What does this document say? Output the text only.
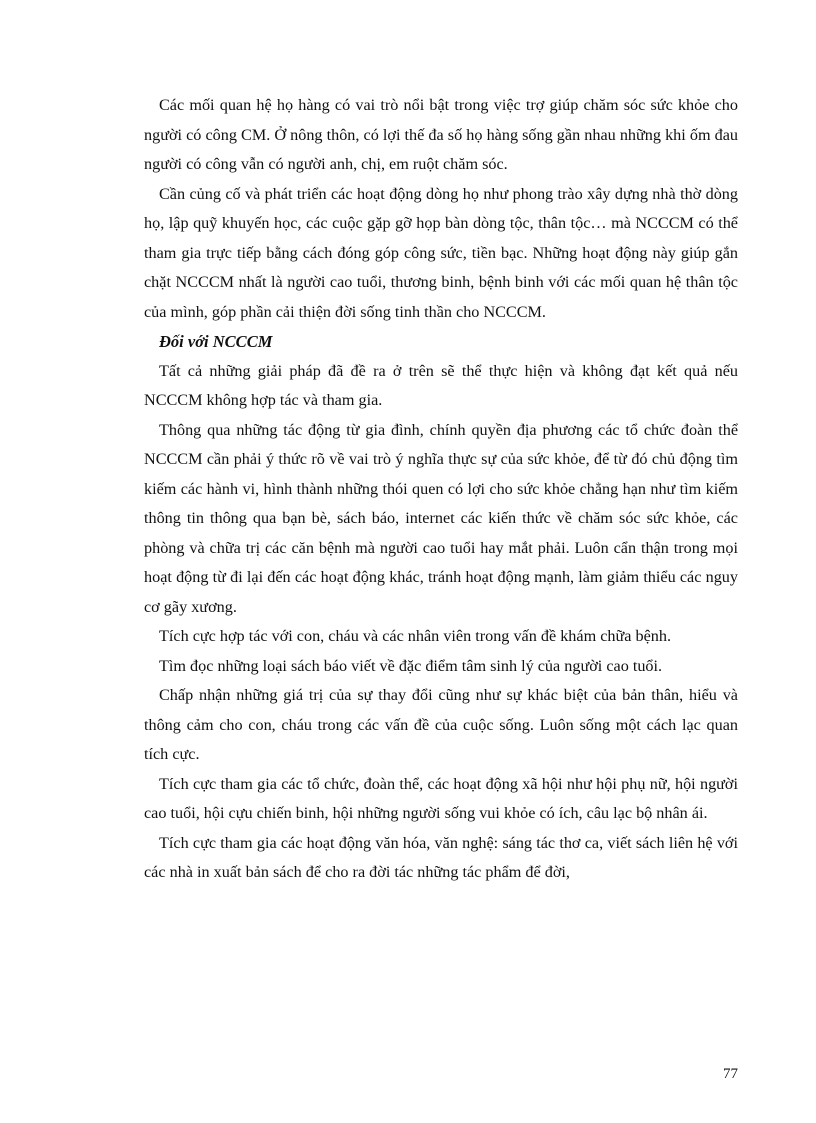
Các mối quan hệ họ hàng có vai trò nổi bật trong việc trợ giúp chăm sóc sức khỏe cho người có công CM. Ở nông thôn, có lợi thế đa số họ hàng sống gần nhau những khi ốm đau người có công vẫn có người anh, chị, em ruột chăm sóc.

Cần củng cố và phát triển các hoạt động dòng họ như phong trào xây dựng nhà thờ dòng họ, lập quỹ khuyến học, các cuộc gặp gỡ họp bàn dòng tộc, thân tộc… mà NCCCM có thể tham gia trực tiếp bằng cách đóng góp công sức, tiền bạc. Những hoạt động này giúp gắn chặt NCCCM nhất là người cao tuổi, thương binh, bệnh binh với các mối quan hệ thân tộc của mình, góp phần cải thiện đời sống tinh thần cho NCCCM.

Đối với NCCCM

Tất cả những giải pháp đã đề ra ở trên sẽ thể thực hiện và không đạt kết quả nếu NCCCM không hợp tác và tham gia.

Thông qua những tác động từ gia đình, chính quyền địa phương các tổ chức đoàn thể NCCCM cần phải ý thức rõ về vai trò ý nghĩa thực sự của sức khỏe, để từ đó chủ động tìm kiếm các hành vi, hình thành những thói quen có lợi cho sức khỏe chẳng hạn như tìm kiếm thông tin thông qua bạn bè, sách báo, internet các kiến thức về chăm sóc sức khỏe, các phòng và chữa trị các căn bệnh mà người cao tuổi hay mắt phải. Luôn cẩn thận trong mọi hoạt động từ đi lại đến các hoạt động khác, tránh hoạt động mạnh, làm giảm thiểu các nguy cơ gãy xương.

Tích cực hợp tác với con, cháu và các nhân viên trong vấn đề khám chữa bệnh.

Tìm đọc những loại sách báo viết về đặc điểm tâm sinh lý của người cao tuổi.

Chấp nhận những giá trị của sự thay đổi cũng như sự khác biệt của bản thân, hiểu và thông cảm cho con, cháu trong các vấn đề của cuộc sống. Luôn sống một cách lạc quan tích cực.

Tích cực tham gia các tổ chức, đoàn thể, các hoạt động xã hội như hội phụ nữ, hội người cao tuổi, hội cựu chiến binh, hội những người sống vui khỏe có ích, câu lạc bộ nhân ái.

Tích cực tham gia các hoạt động văn hóa, văn nghệ: sáng tác thơ ca, viết sách liên hệ với các nhà in xuất bản sách để cho ra đời tác những tác phẩm để đời,

77
